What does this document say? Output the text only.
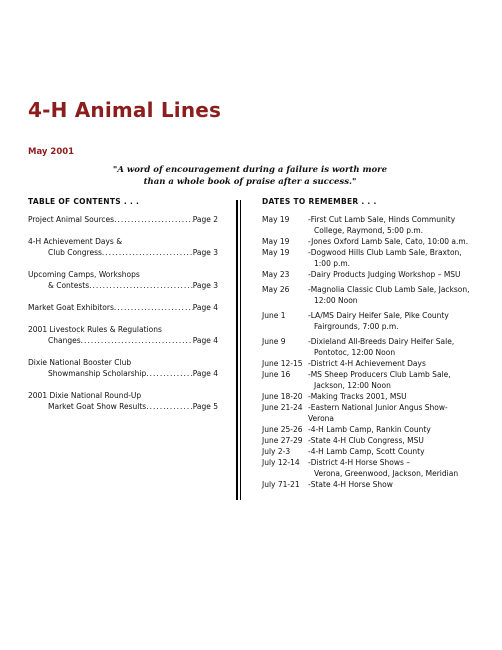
4-H Animal Lines
May 2001
"A word of encouragement during a failure is worth more
than a whole book of praise after a success."
TABLE OF CONTENTS . . .	DATES TO REMEMBER . . .
Project Animal Sources .....	Page 2
4-H Achievement Days &
Club Congress .....	Page 3
Upcoming Camps, Workshops
& Contests .....	Page 3
Market Goat Exhibitors .....	Page 4
2001 Livestock Rules & Regulations
Changes .....	Page 4
Dixie National Booster Club
Showmanship Scholarship .....	Page 4
2001 Dixie National Round-Up
Market Goat Show Results .....	Page 5
May 19	-First Cut Lamb Sale, Hinds Community
College, Raymond, 5:00 p.m.
May 19	-Jones Oxford Lamb Sale, Cato, 10:00 a.m.
May 19	-Dogwood Hills Club Lamb Sale, Braxton,
1:00 p.m.
May 23	-Dairy Products Judging Workshop – MSU
May 26	-Magnolia Classic Club Lamb Sale, Jackson,
12:00 Noon
June 1	-LA/MS Dairy Heifer Sale, Pike County
Fairgrounds, 7:00 p.m.
June 9	-Dixieland All-Breeds Dairy Heifer Sale,
Pontotoc, 12:00 Noon
June 12-15 -District 4-H Achievement Days
June 16	-MS Sheep Producers Club Lamb Sale,
Jackson, 12:00 Noon
June 18-20 -Making Tracks 2001, MSU
June 21-24 -Eastern National Junior Angus Show-Verona
June 25-26 -4-H Lamb Camp, Rankin County
June 27-29 -State 4-H Club Congress, MSU
July 2-3	-4-H Lamb Camp, Scott County
July 12-14	-District 4-H Horse Shows –
Verona, Greenwood, Jackson, Meridian
July 71-21	-State 4-H Horse Show
